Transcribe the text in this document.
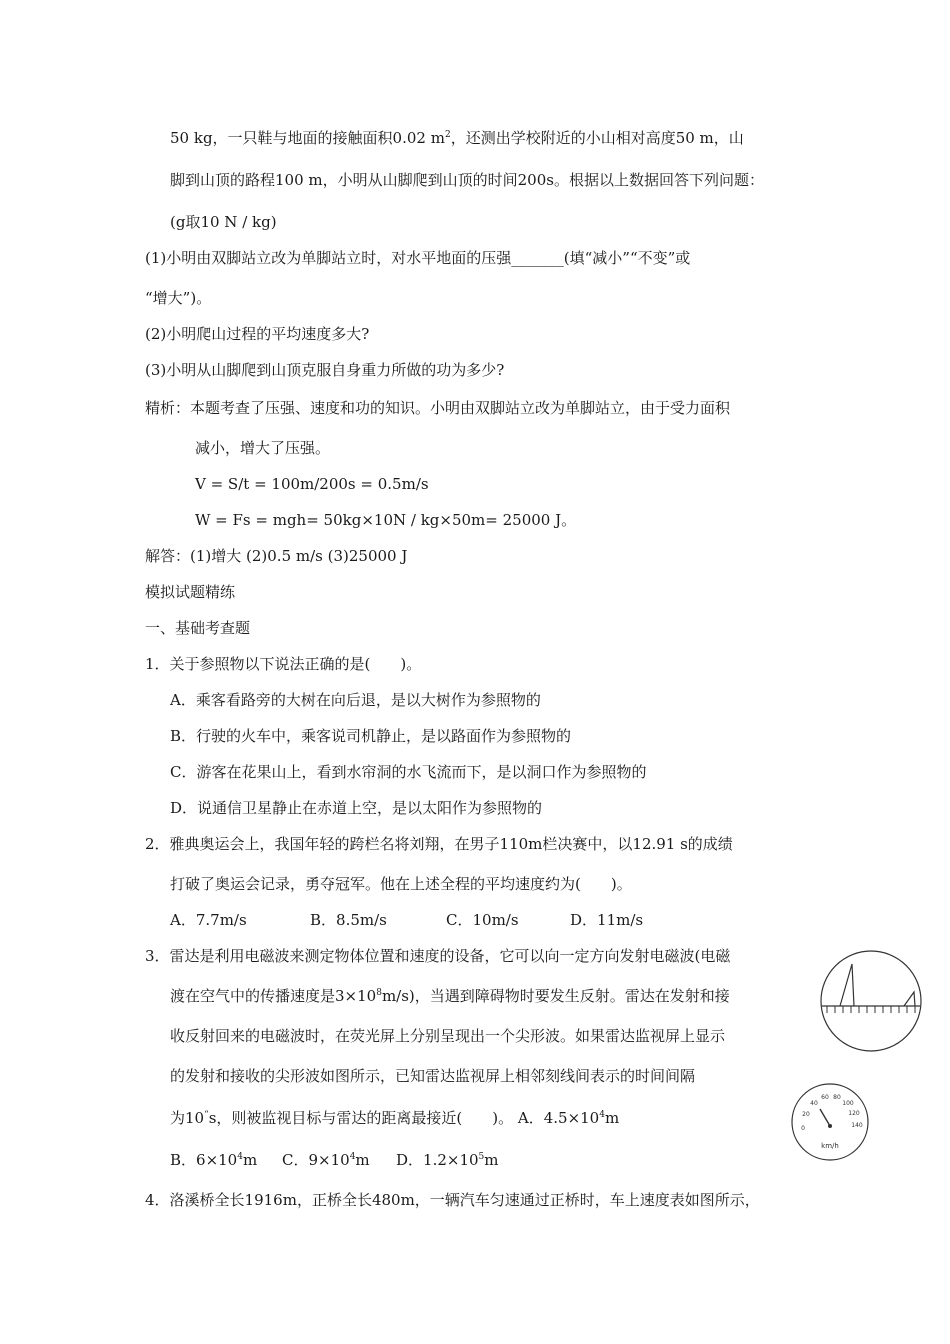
50 kg，一只鞋与地面的接触面积0.02 $m^2$，还测出学校附近的小山相对高度50 m，山
脚到山顶的路程100 m，小明从山脚爬到山顶的时间200s。根据以上数据回答下列问题：
(g取10 N / kg)
(1)小明由双脚站立改为单脚站立时，对水平地面的压强_______(填“减小”“不变”或
“增大”)。
(2)小明爬山过程的平均速度多大?
(3)小明从山脚爬到山顶克服自身重力所做的功为多少?
精析：本题考查了压强、速度和功的知识。小明由双脚站立改为单脚站立，由于受力面积
减小，增大了压强。
V = S/t = 100m/200s = 0.5m/s
W = Fs = mgh= 50kg×10N / kg×50m= 25000 J。
解答：(1)增大 (2)0.5 m/s (3)25000 J
模拟试题精练
一、基础考查题
1．关于参照物以下说法正确的是(　　)。
A．乘客看路旁的大树在向后退，是以大树作为参照物的
B．行驶的火车中，乘客说司机静止，是以路面作为参照物的
C．游客在花果山上，看到水帘洞的水飞流而下，是以洞口作为参照物的
D．说通信卫星静止在赤道上空，是以太阳作为参照物的
2．雅典奥运会上，我国年轻的跨栏名将刘翔，在男子110m栏决赛中，以12.91 s的成绩
打破了奥运会记录，勇夺冠军。他在上述全程的平均速度约为(　　)。
A．7.7m/s	B．8.5m/s	C．10m/s	D．11m/s
3．雷达是利用电磁波来测定物体位置和速度的设备，它可以向一定方向发射电磁波(电磁
渡在空气中的传播速度是$3\times 10^8m/s$)，当遇到障碍物时要发生反射。雷达在发射和接
收反射回来的电磁波时，在荧光屏上分别呈现出一个尖形波。如果雷达监视屏上显示
的发射和接收的尖形波如图所示，已知雷达监视屏上相邻刻线间表示的时间间隔
为10“s，则被监视目标与雷达的距离最接近(　　)。 A．$4.5\times 10^4m$
B．$6\times 10^4m$ C．$9\times 10^4m$ D．$1.2\times 10^5m$
4．洛溪桥全长1916m，正桥全长480m，一辆汽车匀速通过正桥时，车上速度表如图所示，
0
20
40
60 80
100
120
140
km/h
